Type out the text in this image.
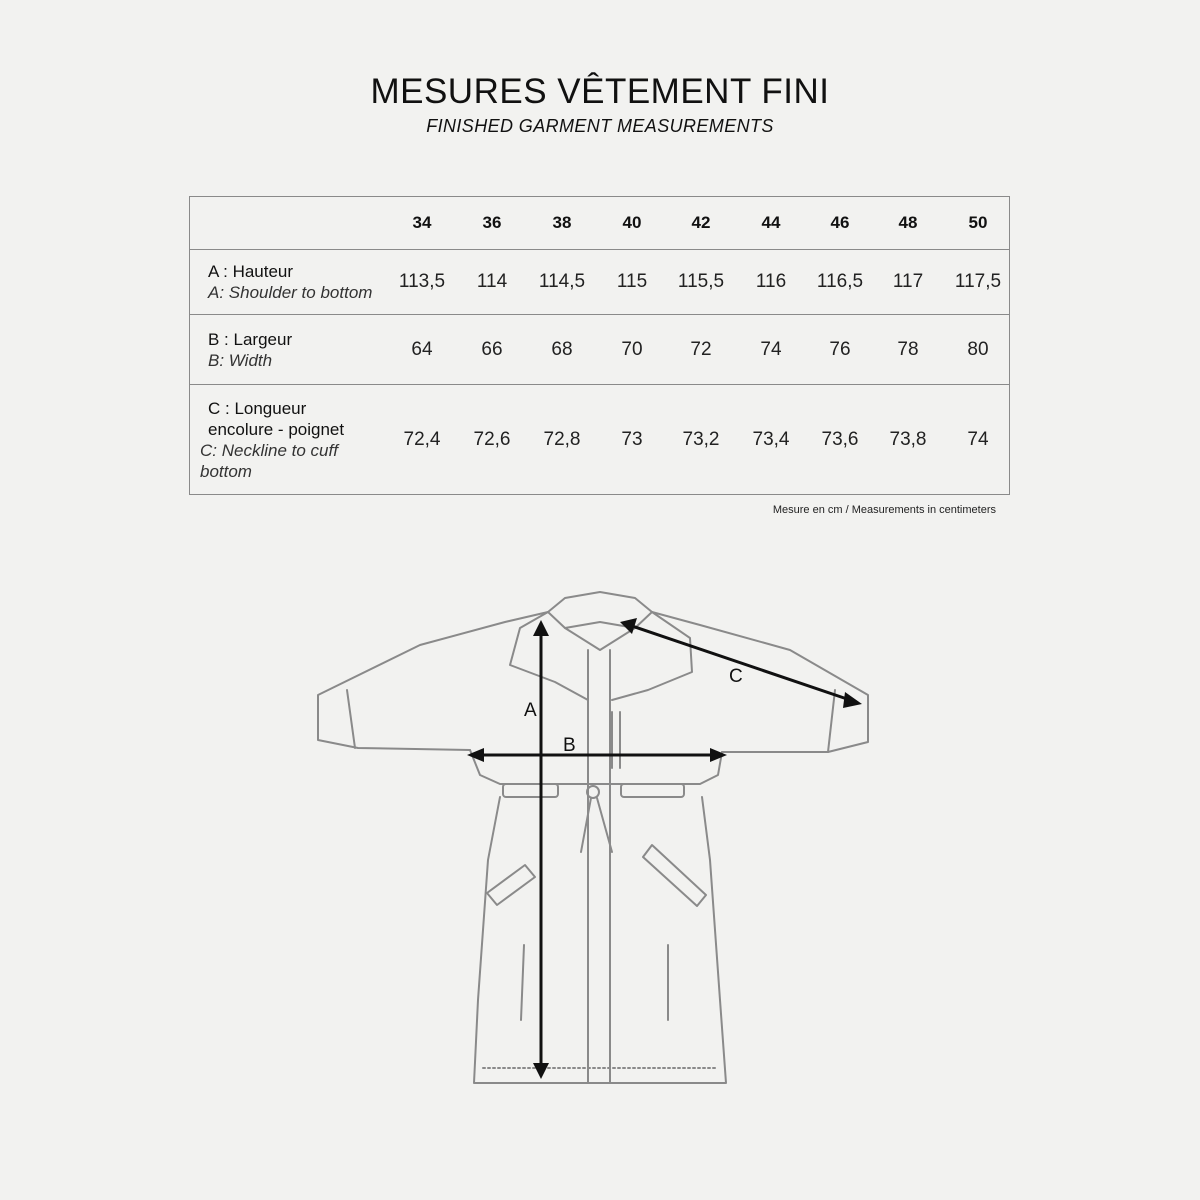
MESURES VÊTEMENT FINI
FINISHED GARMENT MEASUREMENTS
34	36	38	40	42	44	46	48	50
A : Hauteur
A: Shoulder to bottom
113,5	114	114,5	115	115,5	116	116,5	117	117,5
B : Largeur
B: Width
64	66	68	70	72	74	76	78	80
C : Longueur encolure - poignet
C: Neckline to cuff bottom
72,4	72,6	72,8	73	73,2	73,4	73,6	73,8	74
Mesure en cm / Measurements in centimeters
A
B
C
